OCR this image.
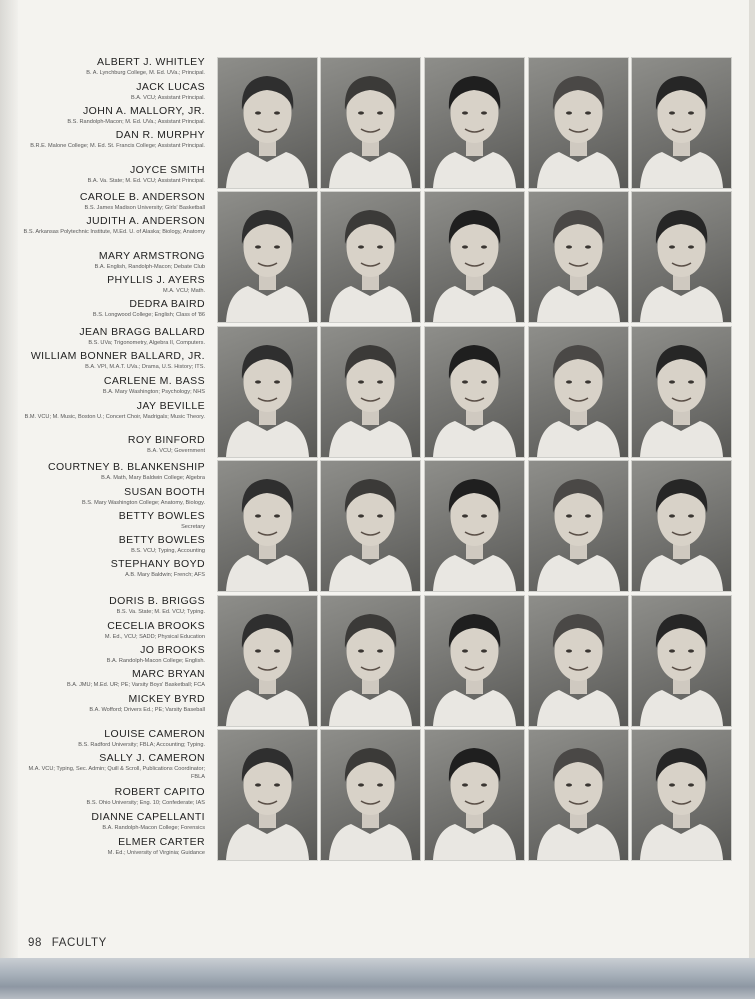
ALBERT J. WHITLEY
B. A. Lynchburg College, M. Ed. UVa.; Principal.
JACK LUCAS
B.A. VCU; Assistant Principal.
JOHN A. MALLORY, JR.
B.S. Randolph-Macon; M. Ed. UVa.; Assistant Principal.
DAN R. MURPHY
B.R.E. Malone College; M. Ed. St. Francis College; Assistant Principal.
JOYCE SMITH
B.A. Va. State; M. Ed. VCU; Assistant Principal.
CAROLE B. ANDERSON
B.S. James Madison University; Girls' Basketball
JUDITH A. ANDERSON
B.S. Arkansas Polytechnic Institute, M.Ed. U. of Alaska; Biology, Anatomy
MARY ARMSTRONG
B.A. English, Randolph-Macon; Debate Club
PHYLLIS J. AYERS
M.A. VCU; Math.
DEDRA BAIRD
B.S. Longwood College; English; Class of '86
JEAN BRAGG BALLARD
B.S. UVa; Trigonometry, Algebra II, Computers.
WILLIAM BONNER BALLARD, JR.
B.A. VPI, M.A.T. UVa.; Drama, U.S. History; ITS.
CARLENE M. BASS
B.A. Mary Washington; Psychology; NHS
JAY BEVILLE
B.M. VCU; M. Music, Boston U.; Concert Choir, Madrigals; Music Theory.
ROY BINFORD
B.A. VCU; Government
COURTNEY B. BLANKENSHIP
B.A. Math, Mary Baldwin College; Algebra
SUSAN BOOTH
B.S. Mary Washington College; Anatomy, Biology.
BETTY BOWLES
Secretary
BETTY BOWLES
B.S. VCU; Typing, Accounting
STEPHANY BOYD
A.B. Mary Baldwin; French; AFS
DORIS B. BRIGGS
B.S. Va. State; M. Ed. VCU; Typing.
CECELIA BROOKS
M. Ed., VCU; SADD; Physical Education
JO BROOKS
B.A. Randolph-Macon College; English.
MARC BRYAN
B.A. JMU; M.Ed. UR; PE; Varsity Boys' Basketball; FCA
MICKEY BYRD
B.A. Wofford; Drivers Ed.; PE; Varsity Baseball
LOUISE CAMERON
B.S. Radford University; FBLA; Accounting; Typing.
SALLY J. CAMERON
M.A. VCU; Typing, Sec. Admin; Quill & Scroll, Publications Coordinator; FBLA
ROBERT CAPITO
B.S. Ohio University; Eng. 10; Confederate; IAS
DIANNE CAPELLANTI
B.A. Randolph-Macon College; Forensics
ELMER CARTER
M. Ed.; University of Virginia; Guidance
98 FACULTY
